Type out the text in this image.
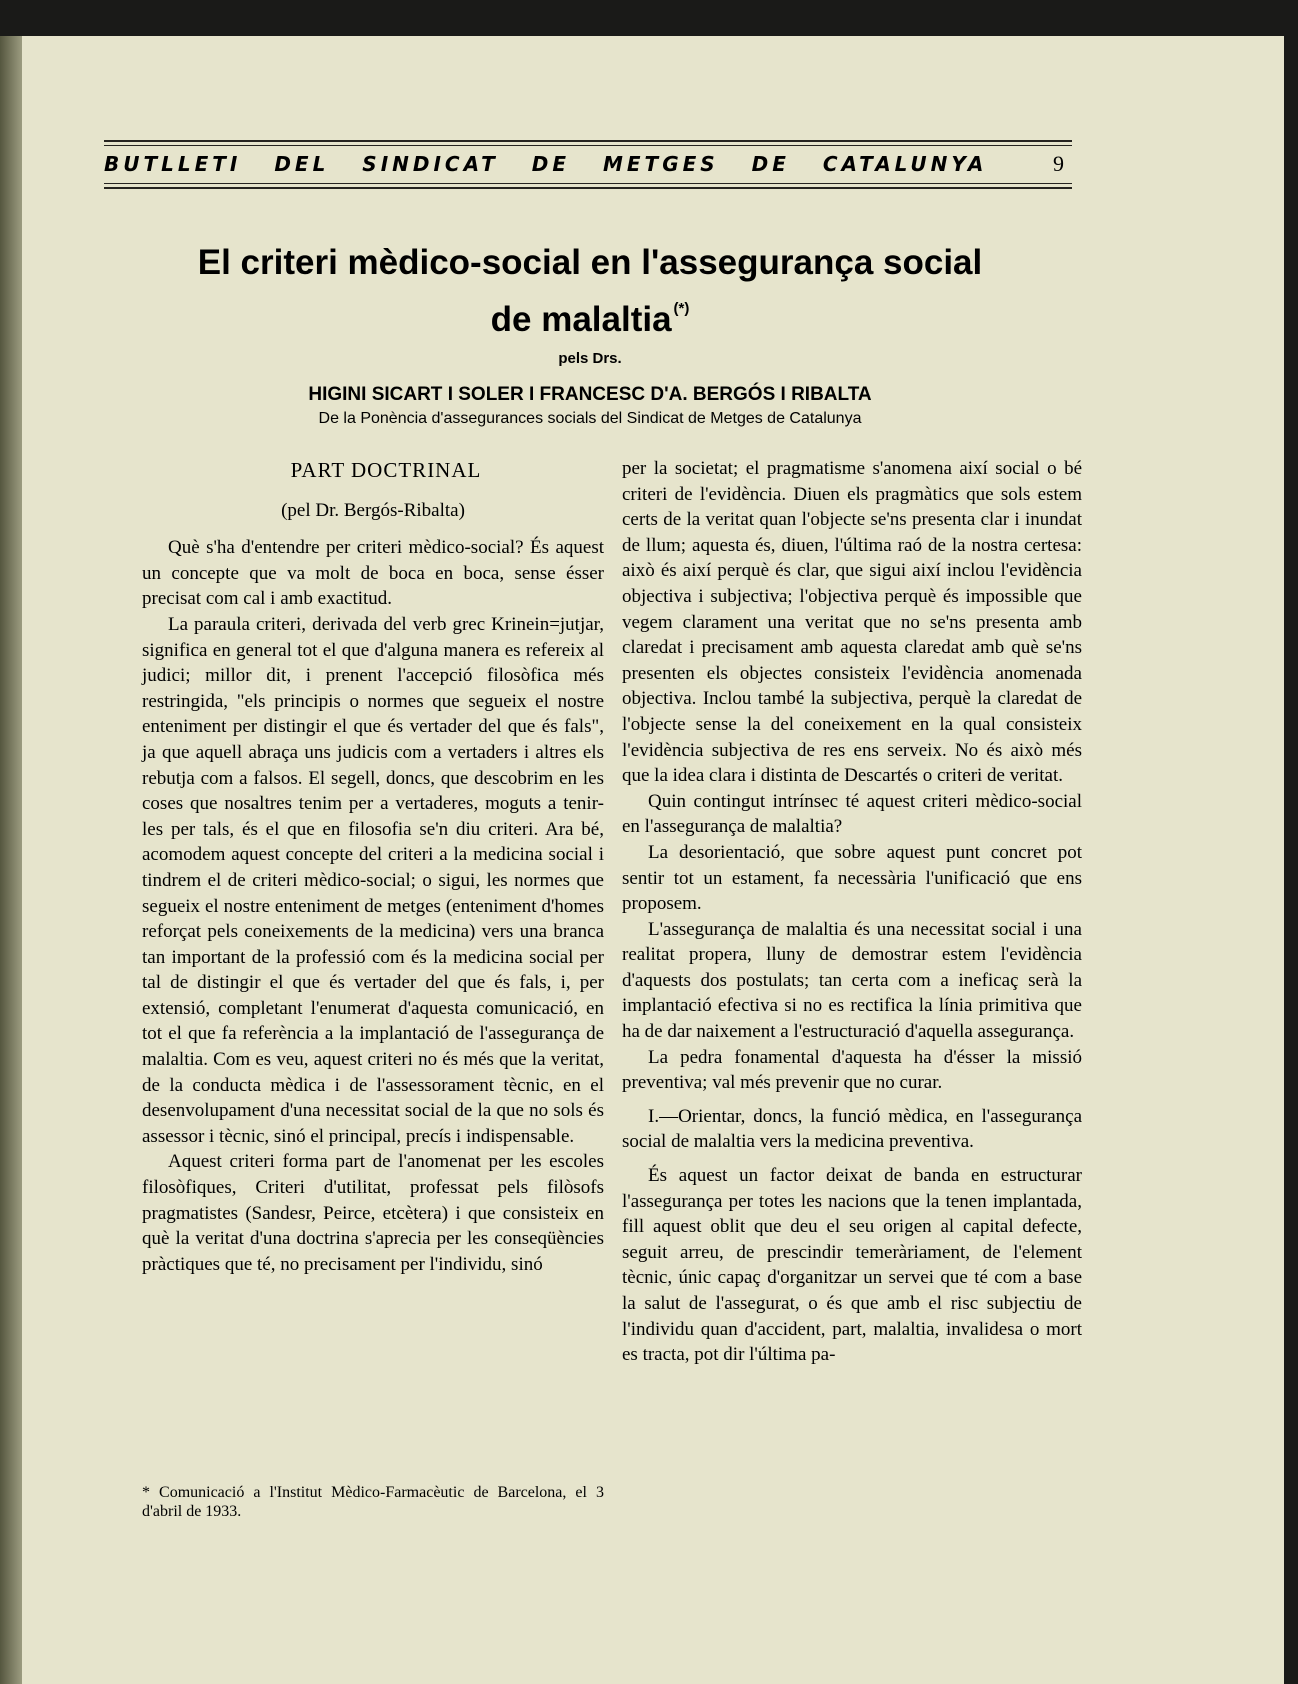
BUTLLETI DEL SINDICAT DE METGES DE CATALUNYA	9
El criteri mèdico-social en l'assegurança social
de malaltia (*)
pels Drs.
HIGINI SICART I SOLER I FRANCESC D'A. BERGÓS I RIBALTA
De la Ponència d'assegurances socials del Sindicat de Metges de Catalunya
PART DOCTRINAL
(pel Dr. Bergós-Ribalta)

Què s'ha d'entendre per criteri mèdico-social? És aquest un concepte que va molt de boca en boca, sense ésser precisat com cal i amb exactitud.

La paraula criteri, derivada del verb grec Krinein=jutjar, significa en general tot el que d'alguna manera es refereix al judici; millor dit, i prenent l'accepció filosòfica més restringida, "els principis o normes que segueix el nostre enteniment per distingir el que és vertader del que és fals", ja que aquell abraça uns judicis com a vertaders i altres els rebutja com a falsos. El segell, doncs, que descobrim en les coses que nosaltres tenim per a vertaderes, moguts a tenir-les per tals, és el que en filosofia se'n diu criteri. Ara bé, acomodem aquest concepte del criteri a la medicina social i tindrem el de criteri mèdico-social; o sigui, les normes que segueix el nostre enteniment de metges (enteniment d'homes reforçat pels coneixements de la medicina) vers una branca tan important de la professió com és la medicina social per tal de distingir el que és vertader del que és fals, i, per extensió, completant l'enumerat d'aquesta comunicació, en tot el que fa referència a la implantació de l'assegurança de malaltia. Com es veu, aquest criteri no és més que la veritat, de la conducta mèdica i de l'assessorament tècnic, en el desenvolupament d'una necessitat social de la que no sols és assessor i tècnic, sinó el principal, precís i indispensable.

Aquest criteri forma part de l'anomenat per les escoles filosòfiques, Criteri d'utilitat, professat pels filòsofs pragmatistes (Sandesr, Peirce, etcètera) i que consisteix en què la veritat d'una doctrina s'aprecia per les conseqüències pràctiques que té, no precisament per l'individu, sinó

* Comunicació a l'Institut Mèdico-Farmacèutic de Barcelona, el 3 d'abril de 1933.

per la societat; el pragmatisme s'anomena així social o bé criteri de l'evidència. Diuen els pragmàtics que sols estem certs de la veritat quan l'objecte se'ns presenta clar i inundat de llum; aquesta és, diuen, l'última raó de la nostra certesa: això és així perquè és clar, que sigui així inclou l'evidència objectiva i subjectiva; l'objectiva perquè és impossible que vegem clarament una veritat que no se'ns presenta amb claredat i precisament amb aquesta claredat amb què se'ns presenten els objectes consisteix l'evidència anomenada objectiva. Inclou també la subjectiva, perquè la claredat de l'objecte sense la del coneixement en la qual consisteix l'evidència subjectiva de res ens serveix. No és això més que la idea clara i distinta de Descartés o criteri de veritat.

Quin contingut intrínsec té aquest criteri mèdico-social en l'assegurança de malaltia?

La desorientació, que sobre aquest punt concret pot sentir tot un estament, fa necessària l'unificació que ens proposem.

L'assegurança de malaltia és una necessitat social i una realitat propera, lluny de demostrar estem l'evidència d'aquests dos postulats; tan certa com a ineficaç serà la implantació efectiva si no es rectifica la línia primitiva que ha de dar naixement a l'estructuració d'aquella assegurança.

La pedra fonamental d'aquesta ha d'ésser la missió preventiva; val més prevenir que no curar.

I.—Orientar, doncs, la funció mèdica, en l'assegurança social de malaltia vers la medicina preventiva.

És aquest un factor deixat de banda en estructurar l'assegurança per totes les nacions que la tenen implantada, fill aquest oblit que deu el seu origen al capital defecte, seguit arreu, de prescindir temeràriament, de l'element tècnic, únic capaç d'organitzar un servei que té com a base la salut de l'assegurat, o és que amb el risc subjectiu de l'individu quan d'accident, part, malaltia, invalidesa o mort es tracta, pot dir l'última pa-
